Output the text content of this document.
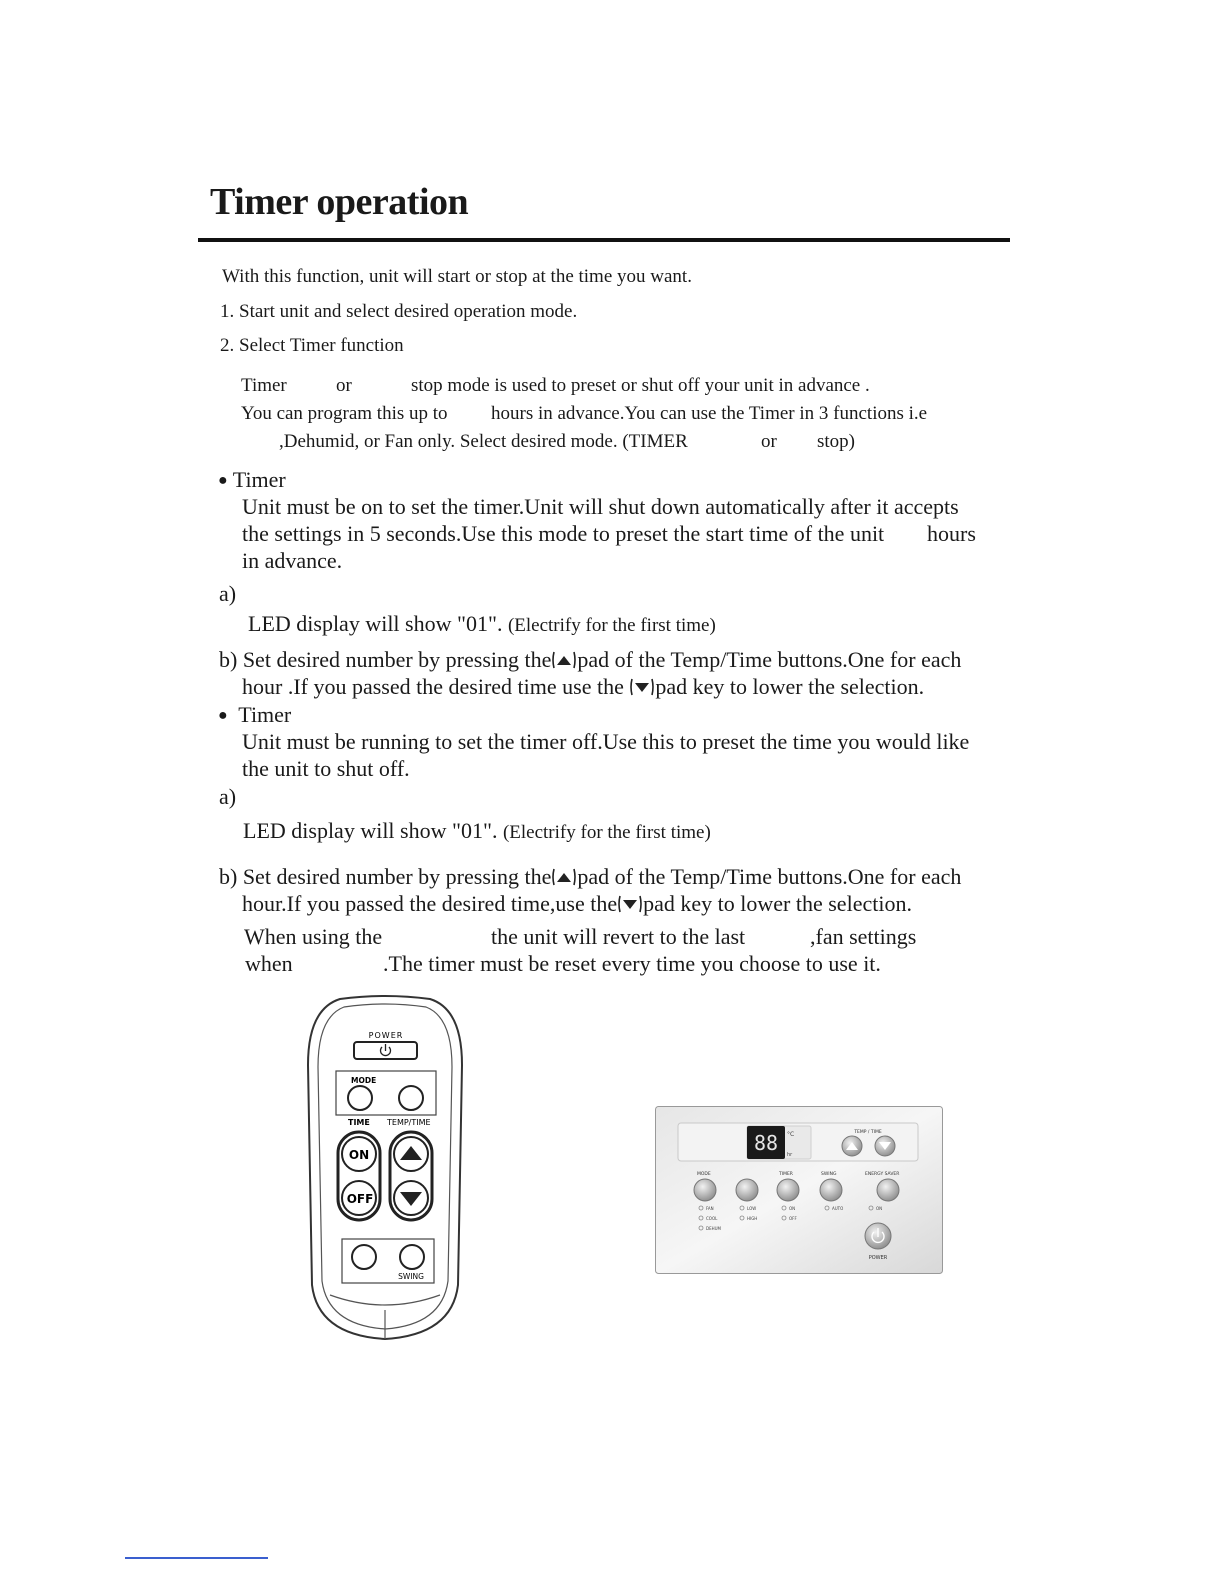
Timer operation
With this function, unit will start or stop at the time you want.
1. Start unit and select desired operation mode.
2. Select Timer function
Timer	or	stop mode is used to preset or shut off your unit in advance .
You can program this up to hours in advance.You can use the Timer in 3 functions i.e
,Dehumid, or Fan only. Select desired mode. (TIMER	or stop)
● Timer
Unit must be on to set the timer.Unit will shut down automatically after it accepts
the settings in 5 seconds.Use this mode to preset the start time of the unit hours
in advance.
a)
LED display will show "01". (Electrify for the first time)
b) Set desired number by pressing the pad of the Temp/Time buttons.One for each
hour .If you passed the desired time use the pad key to lower the selection.
● Timer
Unit must be running to set the timer off.Use this to preset the time you would like
the unit to shut off.
a)
LED display will show "01". (Electrify for the first time)
b) Set desired number by pressing the pad of the Temp/Time buttons.One for each
hour.If you passed the desired time,use the pad key to lower the selection.
When using the	the unit will revert to the last	,fan settings
when	.The timer must be reset every time you choose to use it.
POWER
MODE
TIME TEMP/TIME
ON
OFF
SWING
88 °C
hr
TEMP / TIME
MODE	TIMER	SWING	ENERGY SAVER
FAN
COOL
DEHUM
LOW
HIGH
ON
OFF
AUTO	ON
POWER
